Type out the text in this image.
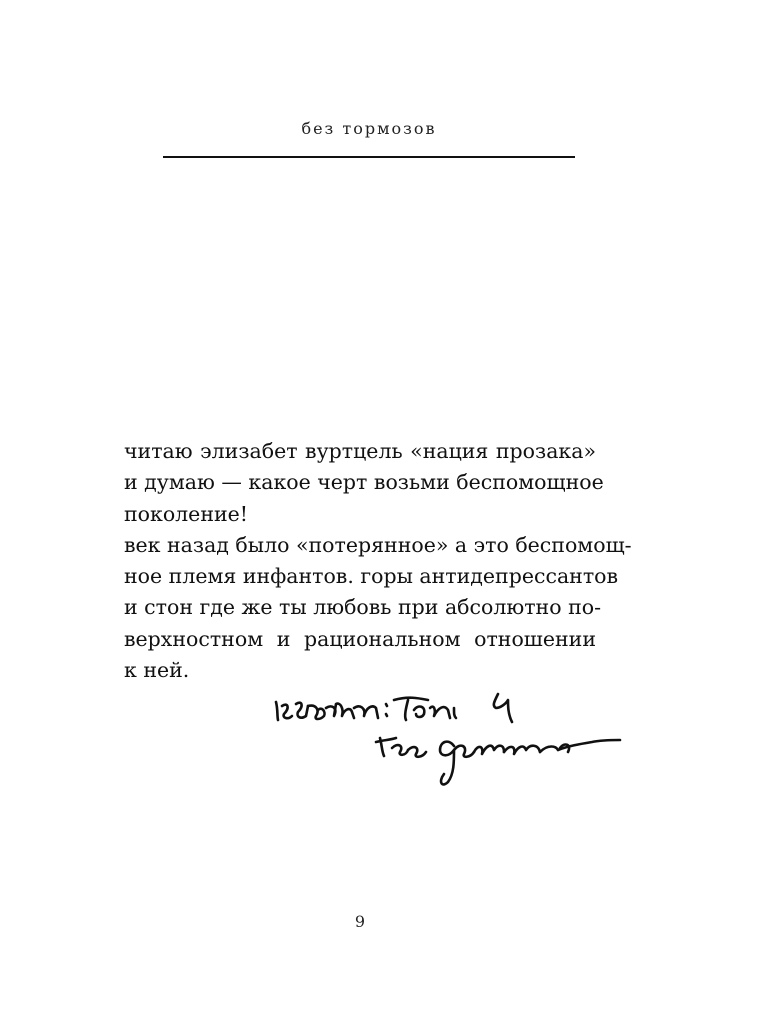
без тормозов
читаю элизабет вуртцель «нация прозака»
и думаю — какое черт возьми беспомощное
поколение!
век назад было «потерянное» а это беспомощ-
ное племя инфантов. горы антидепрессантов
и стон где же ты любовь при абсолютно по-
верхностном и рациональном отношении
к ней.
9
